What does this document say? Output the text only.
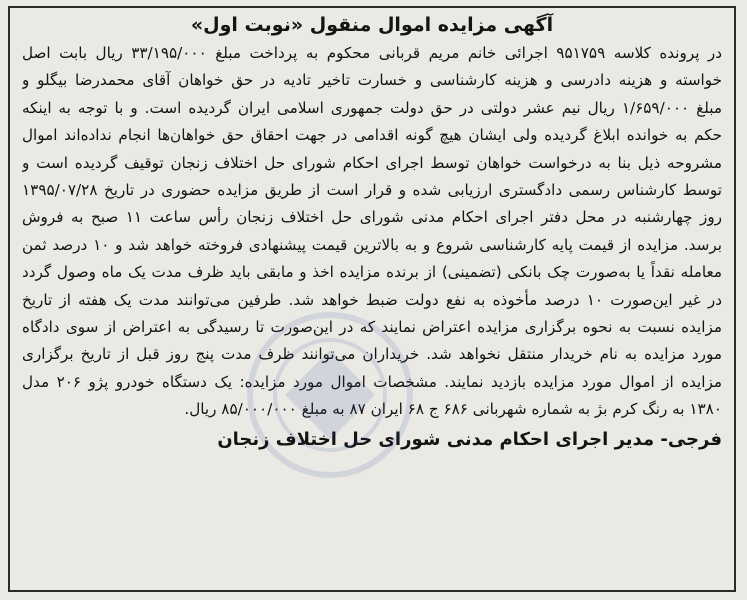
آگهی مزایده اموال منقول «نوبت اول»
در پرونده کلاسه ۹۵۱۷۵۹ اجرائی خانم مریم قربانی محکوم به پرداخت مبلغ ۳۳/۱۹۵/۰۰۰ ریال بابت اصل
خواسته و هزینه دادرسی و هزینه کارشناسی و خسارت تاخیر تادیه در حق خواهان آقای محمدرضا بیگلو و
مبلغ ۱/۶۵۹/۰۰۰ ریال نیم عشر دولتی در حق دولت جمهوری اسلامی ایران گردیده است. و با توجه به اینکه
حکم به خوانده ابلاغ گردیده ولی ایشان هیچ گونه اقدامی در جهت احقاق حق خواهان‌ها انجام نداده‌اند اموال
مشروحه ذیل بنا به درخواست خواهان توسط اجرای احکام شورای حل اختلاف زنجان توقیف گردیده است و
توسط کارشناس رسمی دادگستری ارزیابی شده و قرار است از طریق مزایده حضوری در تاریخ ۱۳۹۵/۰۷/۲۸
روز چهارشنبه در محل دفتر اجرای احکام مدنی شورای حل اختلاف زنجان رأس ساعت ۱۱ صبح به فروش
برسد. مزایده از قیمت پایه کارشناسی شروع و به بالاترین قیمت پیشنهادی فروخته خواهد شد و ۱۰ درصد ثمن
معامله نقداً یا به‌صورت چک بانکی (تضمینی) از برنده مزایده اخذ و مابقی باید ظرف مدت یک ماه وصول گردد
در غیر این‌صورت ۱۰ درصد مأخوذه به نفع دولت ضبط خواهد شد. طرفین می‌توانند مدت یک هفته از تاریخ
مزایده نسبت به نحوه برگزاری مزایده اعتراض نمایند که در این‌صورت تا رسیدگی به اعتراض از سوی دادگاه
مورد مزایده به نام خریدار منتقل نخواهد شد. خریداران می‌توانند ظرف مدت پنج روز قبل از تاریخ برگزاری
مزایده از اموال مورد مزایده بازدید نمایند. مشخصات اموال مورد مزایده: یک دستگاه خودرو پژو ۲۰۶ مدل
۱۳۸۰ به رنگ کرم بژ به شماره شهربانی ۶۸۶ ج ۶۸ ایران ۸۷ به مبلغ ۸۵/۰۰۰/۰۰۰ ریال.
فرجی- مدیر اجرای احکام مدنی شورای حل اختلاف زنجان
